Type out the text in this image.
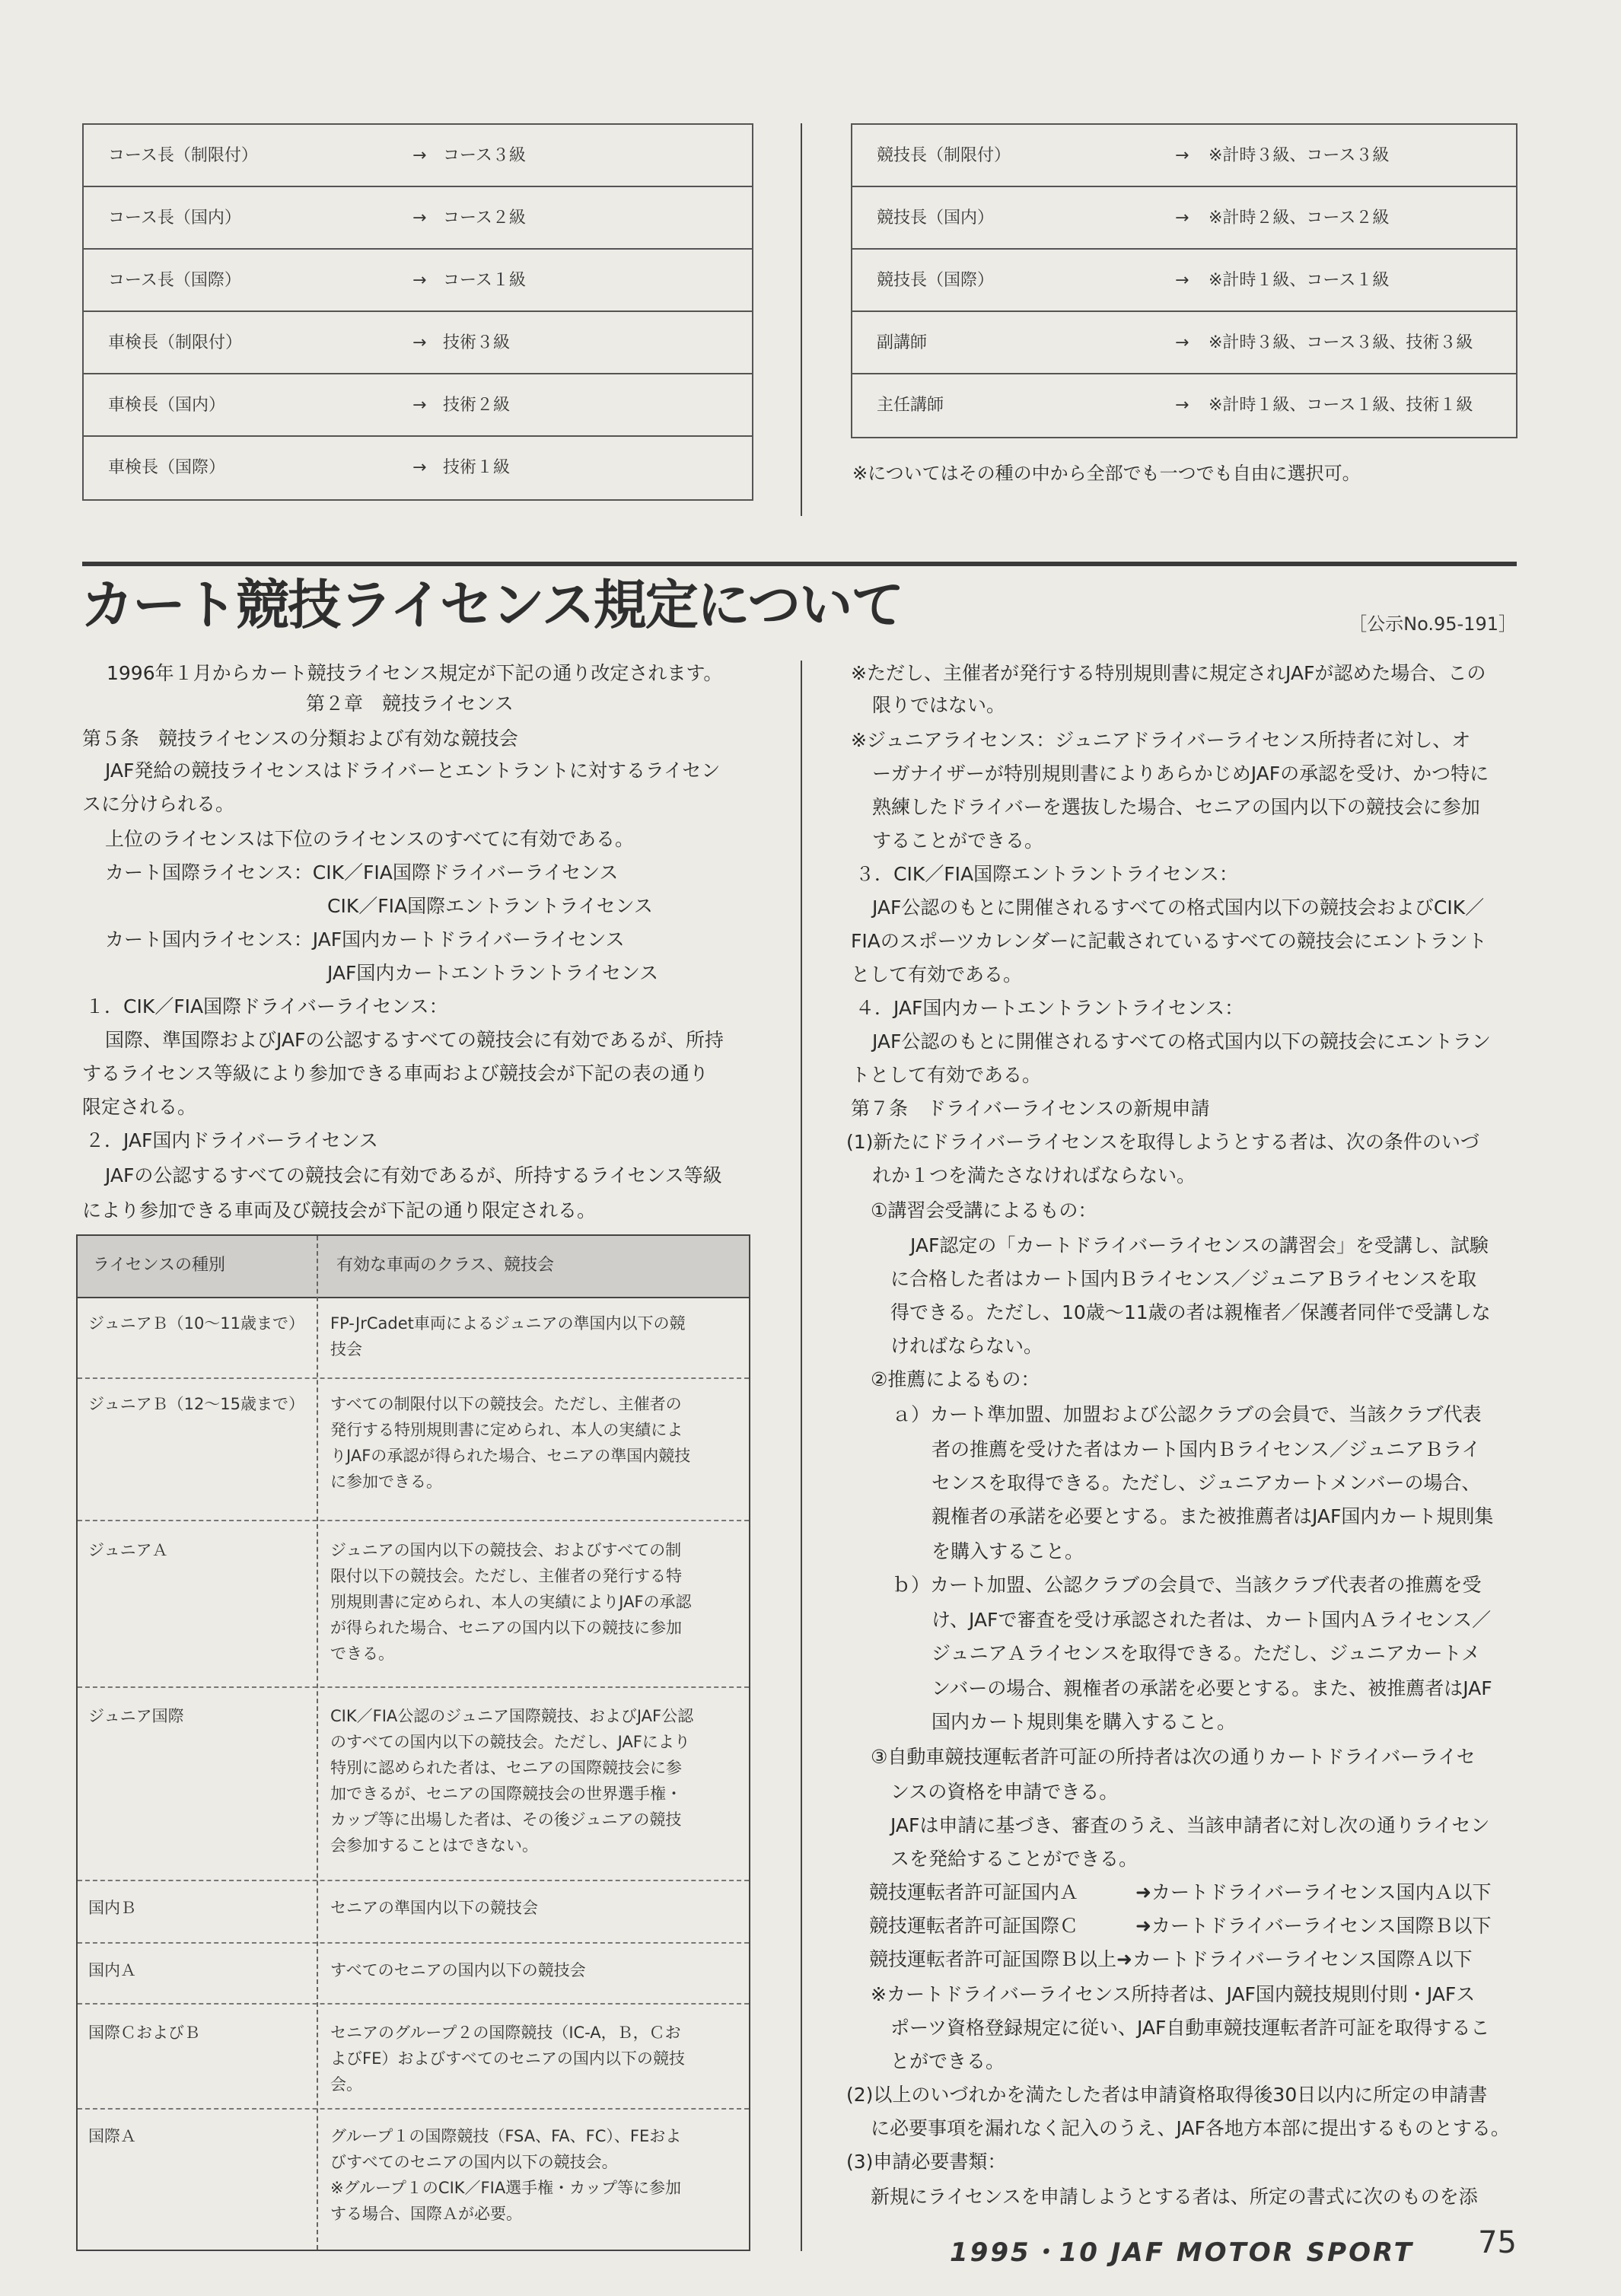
コース長（制限付）	→ コース３級
コース長（国内）	→ コース２級
コース長（国際）	→ コース１級
車検長（制限付）	→ 技術３級
車検長（国内）	→ 技術２級
車検長（国際）	→ 技術１級
競技長（制限付）	→ ※計時３級、コース３級
競技長（国内）	→ ※計時２級、コース２級
競技長（国際）	→ ※計時１級、コース１級
副講師	→ ※計時３級、コース３級、技術３級
主任講師	→ ※計時１級、コース１級、技術１級
※についてはその種の中から全部でも一つでも自由に選択可。
カート競技ライセンス規定について	［公示No.95-191］
1996年１月からカート競技ライセンス規定が下記の通り改定されます。
第２章　競技ライセンス
第５条　競技ライセンスの分類および有効な競技会
JAF発給の競技ライセンスはドライバーとエントラントに対するライセン
スに分けられる。
上位のライセンスは下位のライセンスのすべてに有効である。
カート国際ライセンス：CIK／FIA国際ドライバーライセンス
CIK／FIA国際エントラントライセンス
カート国内ライセンス：JAF国内カートドライバーライセンス
JAF国内カートエントラントライセンス
１．CIK／FIA国際ドライバーライセンス：
国際、準国際およびJAFの公認するすべての競技会に有効であるが、所持
するライセンス等級により参加できる車両および競技会が下記の表の通り
限定される。
２．JAF国内ドライバーライセンス
JAFの公認するすべての競技会に有効であるが、所持するライセンス等級
により参加できる車両及び競技会が下記の通り限定される。
ライセンスの種別	有効な車両のクラス、競技会
ジュニアＢ（10〜11歳まで） FP-JrCadet車両によるジュニアの準国内以下の競
技会
ジュニアＢ（12〜15歳まで） すべての制限付以下の競技会。ただし、主催者の
発行する特別規則書に定められ、本人の実績によ
りJAFの承認が得られた場合、セニアの準国内競技
に参加できる。
ジュニアＡ	ジュニアの国内以下の競技会、およびすべての制
限付以下の競技会。ただし、主催者の発行する特
別規則書に定められ、本人の実績によりJAFの承認
が得られた場合、セニアの国内以下の競技に参加
できる。
ジュニア国際	CIK／FIA公認のジュニア国際競技、およびJAF公認
のすべての国内以下の競技会。ただし、JAFにより
特別に認められた者は、セニアの国際競技会に参
加できるが、セニアの国際競技会の世界選手権・
カップ等に出場した者は、その後ジュニアの競技
会参加することはできない。
国内Ｂ	セニアの準国内以下の競技会
国内Ａ	すべてのセニアの国内以下の競技会
国際ＣおよびＢ	セニアのグループ２の国際競技（IC-A，Ｂ，Ｃお
よびFE）およびすべてのセニアの国内以下の競技
会。
国際Ａ	グループ１の国際競技（FSA、FA、FC）、FEおよ
びすべてのセニアの国内以下の競技会。
※グループ１のCIK／FIA選手権・カップ等に参加
する場合、国際Ａが必要。
※ただし、主催者が発行する特別規則書に規定されJAFが認めた場合、この
限りではない。
※ジュニアライセンス：ジュニアドライバーライセンス所持者に対し、オ
ーガナイザーが特別規則書によりあらかじめJAFの承認を受け、かつ特に
熟練したドライバーを選抜した場合、セニアの国内以下の競技会に参加
することができる。
３．CIK／FIA国際エントラントライセンス：
JAF公認のもとに開催されるすべての格式国内以下の競技会およびCIK／
FIAのスポーツカレンダーに記載されているすべての競技会にエントラント
として有効である。
４．JAF国内カートエントラントライセンス：
JAF公認のもとに開催されるすべての格式国内以下の競技会にエントラン
トとして有効である。
第７条　ドライバーライセンスの新規申請
(1)新たにドライバーライセンスを取得しようとする者は、次の条件のいづ
れか１つを満たさなければならない。
①講習会受講によるもの：
JAF認定の「カートドライバーライセンスの講習会」を受講し、試験
に合格した者はカート国内Ｂライセンス／ジュニアＢライセンスを取
得できる。ただし、10歳〜11歳の者は親権者／保護者同伴で受講しな
ければならない。
②推薦によるもの：
ａ）カート準加盟、加盟および公認クラブの会員で、当該クラブ代表
者の推薦を受けた者はカート国内Ｂライセンス／ジュニアＢライ
センスを取得できる。ただし、ジュニアカートメンバーの場合、
親権者の承諾を必要とする。また被推薦者はJAF国内カート規則集
を購入すること。
ｂ）カート加盟、公認クラブの会員で、当該クラブ代表者の推薦を受
け、JAFで審査を受け承認された者は、カート国内Ａライセンス／
ジュニアＡライセンスを取得できる。ただし、ジュニアカートメ
ンバーの場合、親権者の承諾を必要とする。また、被推薦者はJAF
国内カート規則集を購入すること。
③自動車競技運転者許可証の所持者は次の通りカートドライバーライセ
ンスの資格を申請できる。
JAFは申請に基づき、審査のうえ、当該申請者に対し次の通りライセン
スを発給することができる。
競技運転者許可証国内Ａ　　　➜カートドライバーライセンス国内Ａ以下
競技運転者許可証国際Ｃ　　　➜カートドライバーライセンス国際Ｂ以下
競技運転者許可証国際Ｂ以上➜カートドライバーライセンス国際Ａ以下
※カートドライバーライセンス所持者は、JAF国内競技規則付則・JAFス
ポーツ資格登録規定に従い、JAF自動車競技運転者許可証を取得するこ
とができる。
(2)以上のいづれかを満たした者は申請資格取得後30日以内に所定の申請書
に必要事項を漏れなく記入のうえ、JAF各地方本部に提出するものとする。
(3)申請必要書類：
新規にライセンスを申請しようとする者は、所定の書式に次のものを添
1995・10 JAF MOTOR SPORT 75
